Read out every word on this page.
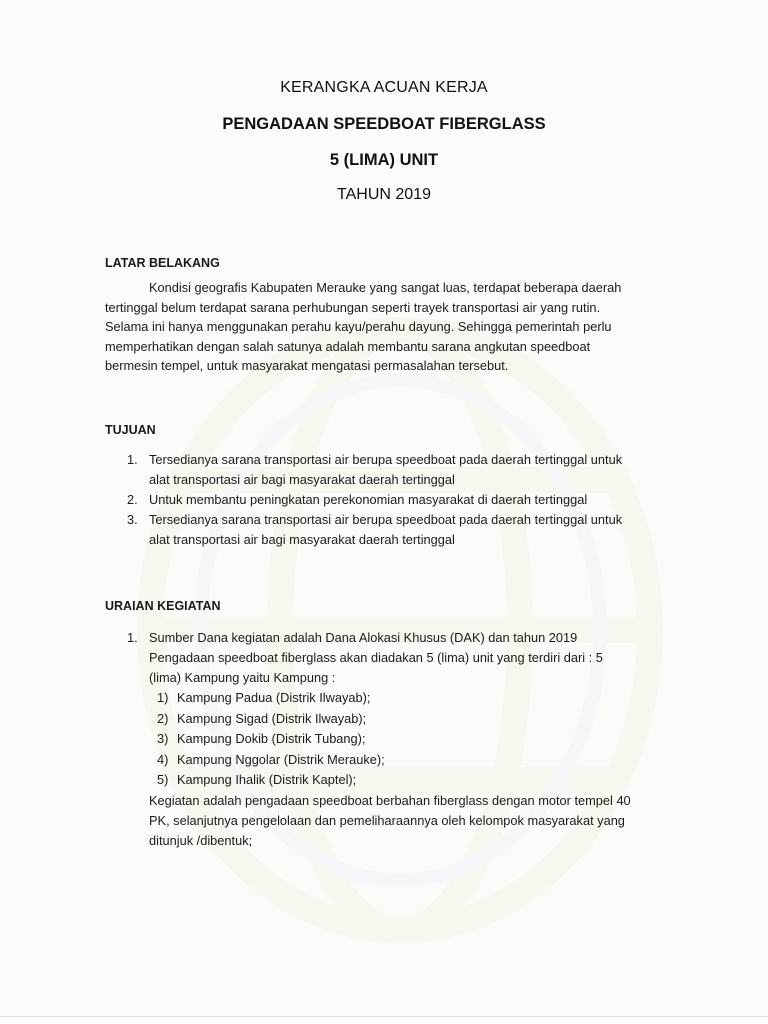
KERANGKA ACUAN KERJA
PENGADAAN SPEEDBOAT FIBERGLASS
5 (LIMA) UNIT
TAHUN 2019
LATAR BELAKANG
Kondisi geografis Kabupaten Merauke yang sangat luas, terdapat beberapa daerah
tertinggal belum terdapat sarana perhubungan seperti trayek transportasi air yang rutin.
Selama ini hanya menggunakan perahu kayu/perahu dayung. Sehingga pemerintah perlu
memperhatikan dengan salah satunya adalah membantu sarana angkutan speedboat
bermesin tempel, untuk masyarakat mengatasi permasalahan tersebut.
TUJUAN
1. Tersedianya sarana transportasi air berupa speedboat pada daerah tertinggal untuk
alat transportasi air bagi masyarakat daerah tertinggal
2. Untuk membantu peningkatan perekonomian masyarakat di daerah tertinggal
3. Tersedianya sarana transportasi air berupa speedboat pada daerah tertinggal untuk
alat transportasi air bagi masyarakat daerah tertinggal
URAIAN KEGIATAN
1. Sumber Dana kegiatan adalah Dana Alokasi Khusus (DAK) dan tahun 2019
Pengadaan speedboat fiberglass akan diadakan 5 (lima) unit yang terdiri dari : 5
(lima) Kampung yaitu Kampung :
1) Kampung Padua (Distrik Ilwayab);
2) Kampung Sigad (Distrik Ilwayab);
3) Kampung Dokib (Distrik Tubang);
4) Kampung Nggolar (Distrik Merauke);
5) Kampung Ihalik (Distrik Kaptel);
Kegiatan adalah pengadaan speedboat berbahan fiberglass dengan motor tempel 40
PK, selanjutnya pengelolaan dan pemeliharaannya oleh kelompok masyarakat yang
ditunjuk /dibentuk;
